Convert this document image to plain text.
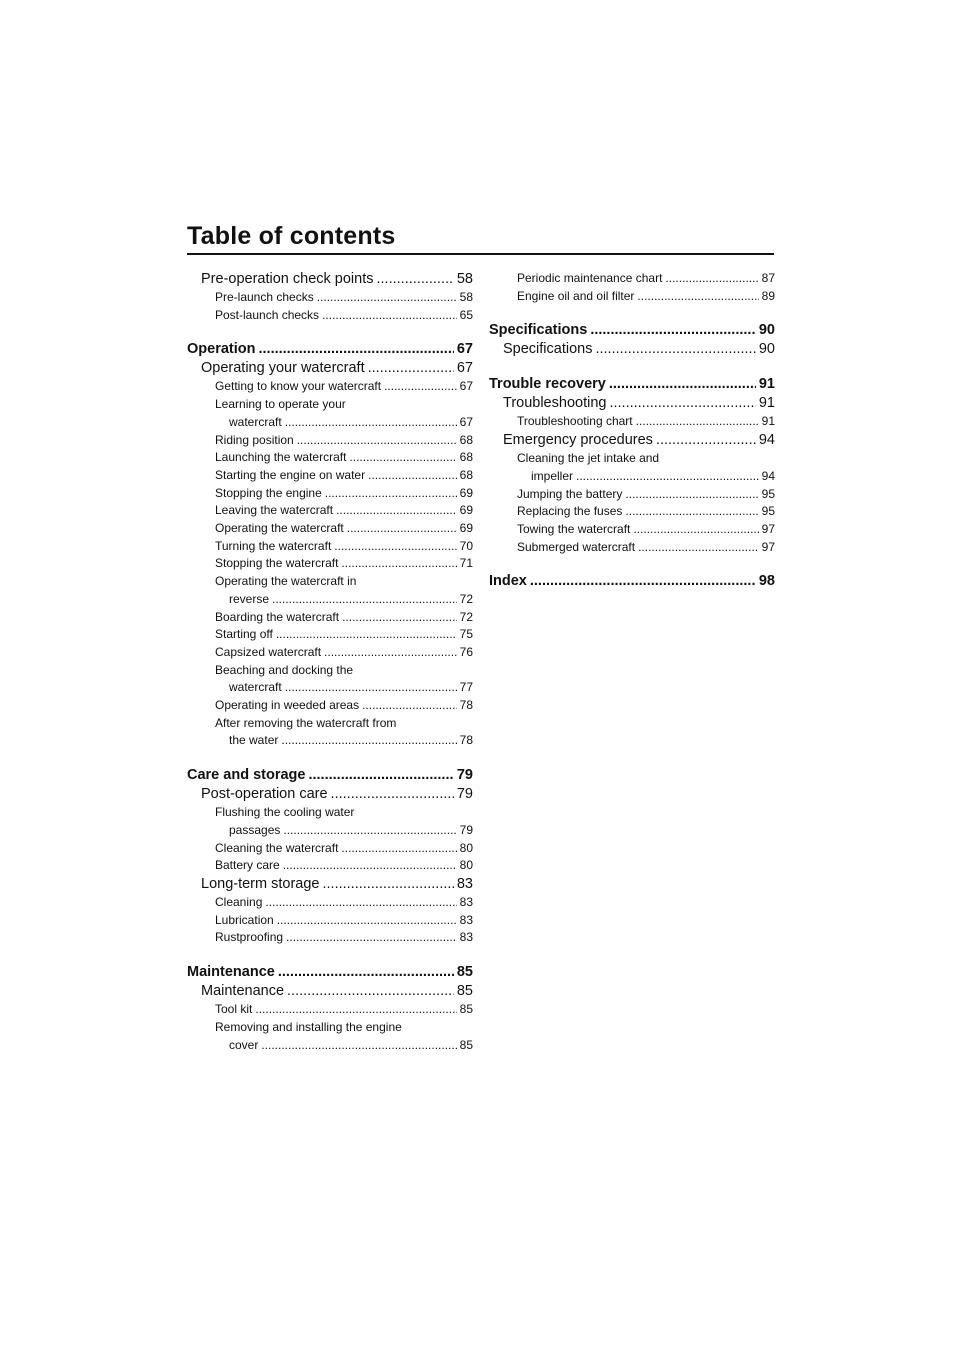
Table of contents
Pre-operation check points .....	58
Pre-launch checks .....	58
Post-launch checks .....	65
Operation .....	67
Operating your watercraft .....	67
Getting to know your watercraft .....	67
Learning to operate your
watercraft .....	67
Riding position .....	68
Launching the watercraft .....	68
Starting the engine on water .....	68
Stopping the engine .....	69
Leaving the watercraft .....	69
Operating the watercraft .....	69
Turning the watercraft .....	70
Stopping the watercraft .....	71
Operating the watercraft in
reverse .....	72
Boarding the watercraft .....	72
Starting off .....	75
Capsized watercraft .....	76
Beaching and docking the
watercraft .....	77
Operating in weeded areas .....	78
After removing the watercraft from
the water .....	78
Care and storage .....	79
Post-operation care .....	79
Flushing the cooling water
passages .....	79
Cleaning the watercraft .....	80
Battery care .....	80
Long-term storage .....	83
Cleaning .....	83
Lubrication .....	83
Rustproofing .....	83
Maintenance .....	85
Maintenance .....	85
Tool kit .....	85
Removing and installing the engine
cover .....	85
Periodic maintenance chart .....	87
Engine oil and oil filter .....	89
Specifications .....	90
Specifications .....	90
Trouble recovery .....	91
Troubleshooting .....	91
Troubleshooting chart .....	91
Emergency procedures .....	94
Cleaning the jet intake and
impeller .....	94
Jumping the battery .....	95
Replacing the fuses .....	95
Towing the watercraft .....	97
Submerged watercraft .....	97
Index .....	98
